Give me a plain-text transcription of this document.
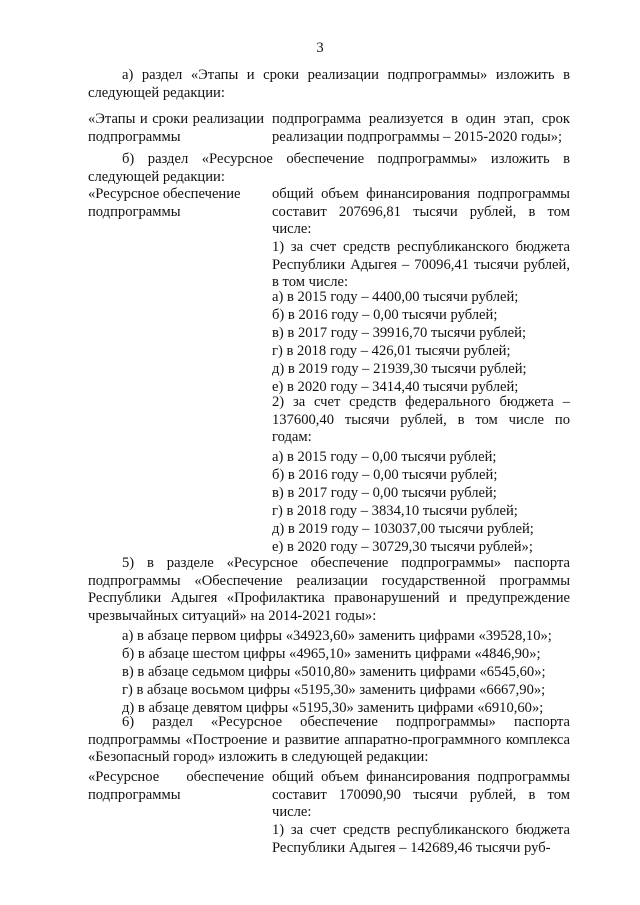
3

а) раздел «Этапы и сроки реализации подпрограммы» изложить в следующей редакции:

«Этапы и сроки реализации подпрограммы

подпрограмма реализуется в один этап, срок реализации подпрограммы – 2015-2020 годы»;

б) раздел «Ресурсное обеспечение подпрограммы» изложить в следующей редакции:

«Ресурсное обеспечение подпрограммы

общий объем финансирования подпрограммы составит 207696,81 тысячи рублей, в том числе:

1) за счет средств республиканского бюджета Республики Адыгея – 70096,41 тысячи рублей, в том числе:

а) в 2015 году – 4400,00 тысячи рублей;

б) в 2016 году – 0,00 тысячи рублей;

в) в 2017 году – 39916,70 тысячи рублей;

г) в 2018 году – 426,01 тысячи рублей;

д) в 2019 году – 21939,30 тысячи рублей;

е) в 2020 году – 3414,40 тысячи рублей;

2) за счет средств федерального бюджета – 137600,40 тысячи рублей, в том числе по годам:

а) в 2015 году – 0,00 тысячи рублей;

б) в 2016 году – 0,00 тысячи рублей;

в) в 2017 году – 0,00 тысячи рублей;

г) в 2018 году – 3834,10 тысячи рублей;

д) в 2019 году – 103037,00 тысячи рублей;

е) в 2020 году – 30729,30 тысячи рублей»;

5) в разделе «Ресурсное обеспечение подпрограммы» паспорта подпрограммы «Обеспечение реализации государственной программы Республики Адыгея «Профилактика правонарушений и предупреждение чрезвычайных ситуаций» на 2014-2021 годы»:

а) в абзаце первом цифры «34923,60» заменить цифрами «39528,10»;

б) в абзаце шестом цифры «4965,10» заменить цифрами «4846,90»;

в) в абзаце седьмом цифры «5010,80» заменить цифрами «6545,60»;

г) в абзаце восьмом цифры «5195,30» заменить цифрами «6667,90»;

д) в абзаце девятом цифры «5195,30» заменить цифрами «6910,60»;

6) раздел «Ресурсное обеспечение подпрограммы» паспорта подпрограммы «Построение и развитие аппаратно-программного комплекса «Безопасный город» изложить в следующей редакции:

«Ресурсное обеспечение подпрограммы

общий объем финансирования подпрограммы составит 170090,90 тысячи рублей, в том числе:

1) за счет средств республиканского бюджета Республики Адыгея – 142689,46 тысячи руб-
